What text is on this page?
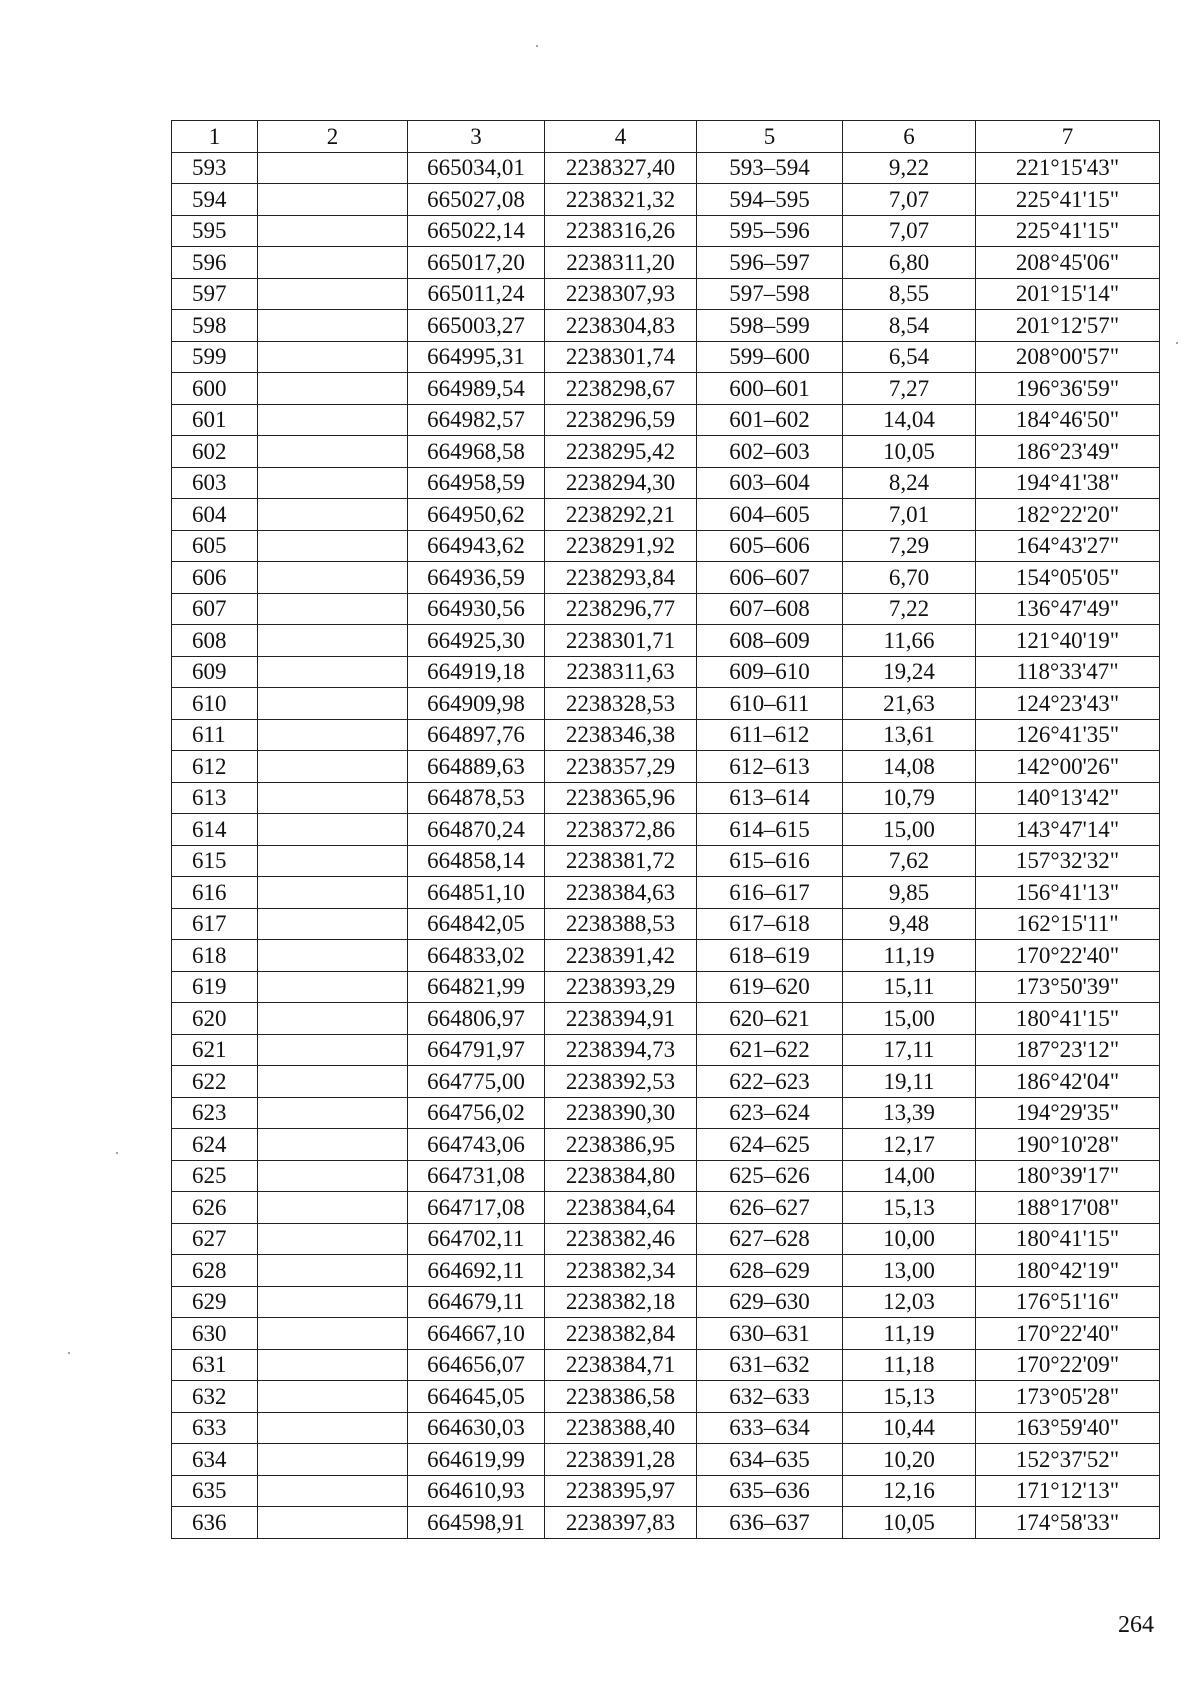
1	2	3	4	5	6	7
593		665034,01	2238327,40	593–594	9,22	221°15'43"
594		665027,08	2238321,32	594–595	7,07	225°41'15"
595		665022,14	2238316,26	595–596	7,07	225°41'15"
596		665017,20	2238311,20	596–597	6,80	208°45'06"
597		665011,24	2238307,93	597–598	8,55	201°15'14"
598		665003,27	2238304,83	598–599	8,54	201°12'57"
599		664995,31	2238301,74	599–600	6,54	208°00'57"
600		664989,54	2238298,67	600–601	7,27	196°36'59"
601		664982,57	2238296,59	601–602	14,04	184°46'50"
602		664968,58	2238295,42	602–603	10,05	186°23'49"
603		664958,59	2238294,30	603–604	8,24	194°41'38"
604		664950,62	2238292,21	604–605	7,01	182°22'20"
605		664943,62	2238291,92	605–606	7,29	164°43'27"
606		664936,59	2238293,84	606–607	6,70	154°05'05"
607		664930,56	2238296,77	607–608	7,22	136°47'49"
608		664925,30	2238301,71	608–609	11,66	121°40'19"
609		664919,18	2238311,63	609–610	19,24	118°33'47"
610		664909,98	2238328,53	610–611	21,63	124°23'43"
611		664897,76	2238346,38	611–612	13,61	126°41'35"
612		664889,63	2238357,29	612–613	14,08	142°00'26"
613		664878,53	2238365,96	613–614	10,79	140°13'42"
614		664870,24	2238372,86	614–615	15,00	143°47'14"
615		664858,14	2238381,72	615–616	7,62	157°32'32"
616		664851,10	2238384,63	616–617	9,85	156°41'13"
617		664842,05	2238388,53	617–618	9,48	162°15'11"
618		664833,02	2238391,42	618–619	11,19	170°22'40"
619		664821,99	2238393,29	619–620	15,11	173°50'39"
620		664806,97	2238394,91	620–621	15,00	180°41'15"
621		664791,97	2238394,73	621–622	17,11	187°23'12"
622		664775,00	2238392,53	622–623	19,11	186°42'04"
623		664756,02	2238390,30	623–624	13,39	194°29'35"
624		664743,06	2238386,95	624–625	12,17	190°10'28"
625		664731,08	2238384,80	625–626	14,00	180°39'17"
626		664717,08	2238384,64	626–627	15,13	188°17'08"
627		664702,11	2238382,46	627–628	10,00	180°41'15"
628		664692,11	2238382,34	628–629	13,00	180°42'19"
629		664679,11	2238382,18	629–630	12,03	176°51'16"
630		664667,10	2238382,84	630–631	11,19	170°22'40"
631		664656,07	2238384,71	631–632	11,18	170°22'09"
632		664645,05	2238386,58	632–633	15,13	173°05'28"
633		664630,03	2238388,40	633–634	10,44	163°59'40"
634		664619,99	2238391,28	634–635	10,20	152°37'52"
635		664610,93	2238395,97	635–636	12,16	171°12'13"
636		664598,91	2238397,83	636–637	10,05	174°58'33"
264
